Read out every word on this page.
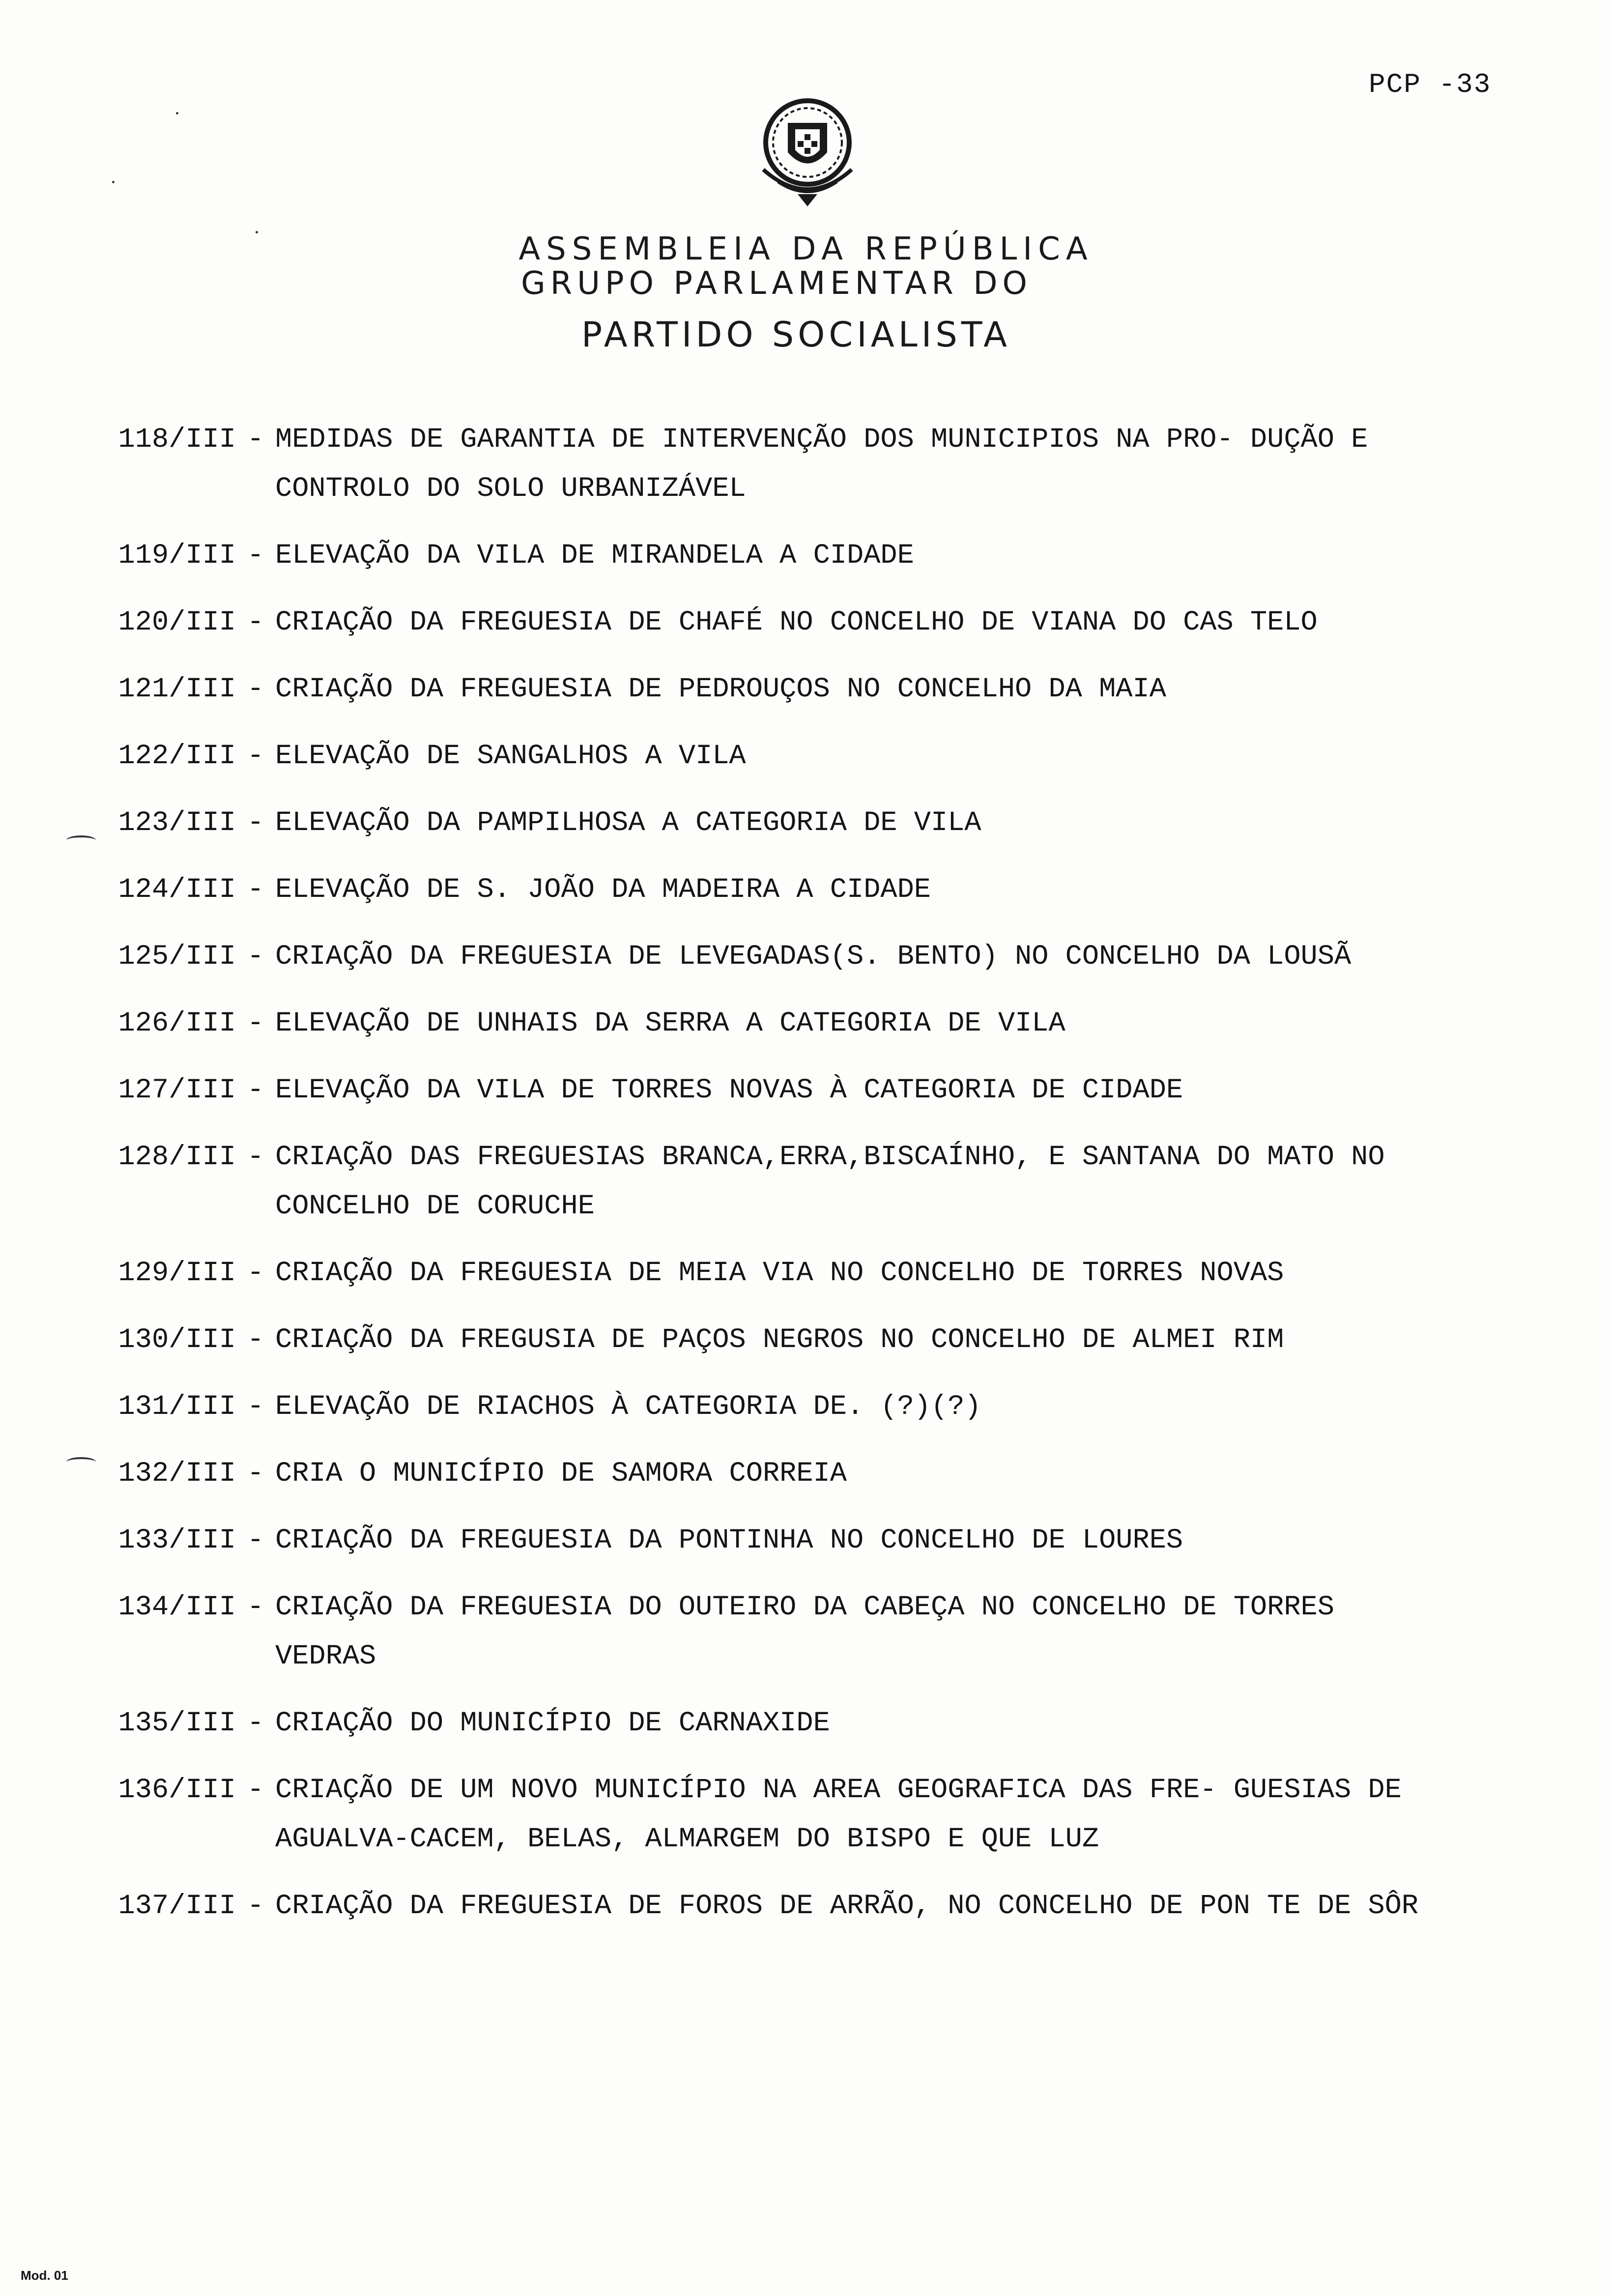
PCP -33
ASSEMBLEIA DA REPÚBLICA
GRUPO PARLAMENTAR DO
PARTIDO SOCIALISTA
118/III - MEDIDAS DE GARANTIA DE INTERVENÇÃO DOS MUNICIPIOS NA PRO- DUÇÃO E CONTROLO DO SOLO URBANIZÁVEL
119/III - ELEVAÇÃO DA VILA DE MIRANDELA A CIDADE
120/III - CRIAÇÃO DA FREGUESIA DE CHAFÉ NO CONCELHO DE VIANA DO CAS TELO
121/III - CRIAÇÃO DA FREGUESIA DE PEDROUÇOS NO CONCELHO DA MAIA
122/III - ELEVAÇÃO DE SANGALHOS A VILA
123/III - ELEVAÇÃO DA PAMPILHOSA A CATEGORIA DE VILA
124/III - ELEVAÇÃO DE S. JOÃO DA MADEIRA A CIDADE
125/III - CRIAÇÃO DA FREGUESIA DE LEVEGADAS(S. BENTO) NO CONCELHO DA LOUSÃ
126/III - ELEVAÇÃO DE UNHAIS DA SERRA A CATEGORIA DE VILA
127/III - ELEVAÇÃO DA VILA DE TORRES NOVAS À CATEGORIA DE CIDADE
128/III - CRIAÇÃO DAS FREGUESIAS BRANCA,ERRA,BISCAÍNHO, E SANTANA DO MATO NO CONCELHO DE CORUCHE
129/III - CRIAÇÃO DA FREGUESIA DE MEIA VIA NO CONCELHO DE TORRES NOVAS
130/III - CRIAÇÃO DA FREGUSIA DE PAÇOS NEGROS NO CONCELHO DE ALMEI RIM
131/III - ELEVAÇÃO DE RIACHOS À CATEGORIA DE. (?)(?)
132/III - CRIA O MUNICÍPIO DE SAMORA CORREIA
133/III - CRIAÇÃO DA FREGUESIA DA PONTINHA NO CONCELHO DE LOURES
134/III - CRIAÇÃO DA FREGUESIA DO OUTEIRO DA CABEÇA NO CONCELHO DE TORRES VEDRAS
135/III - CRIAÇÃO DO MUNICÍPIO DE CARNAXIDE
136/III - CRIAÇÃO DE UM NOVO MUNICÍPIO NA AREA GEOGRAFICA DAS FRE- GUESIAS DE AGUALVA-CACEM, BELAS, ALMARGEM DO BISPO E QUE LUZ
137/III - CRIAÇÃO DA FREGUESIA DE FOROS DE ARRÃO, NO CONCELHO DE PON TE DE SÔR
Mod. 01
